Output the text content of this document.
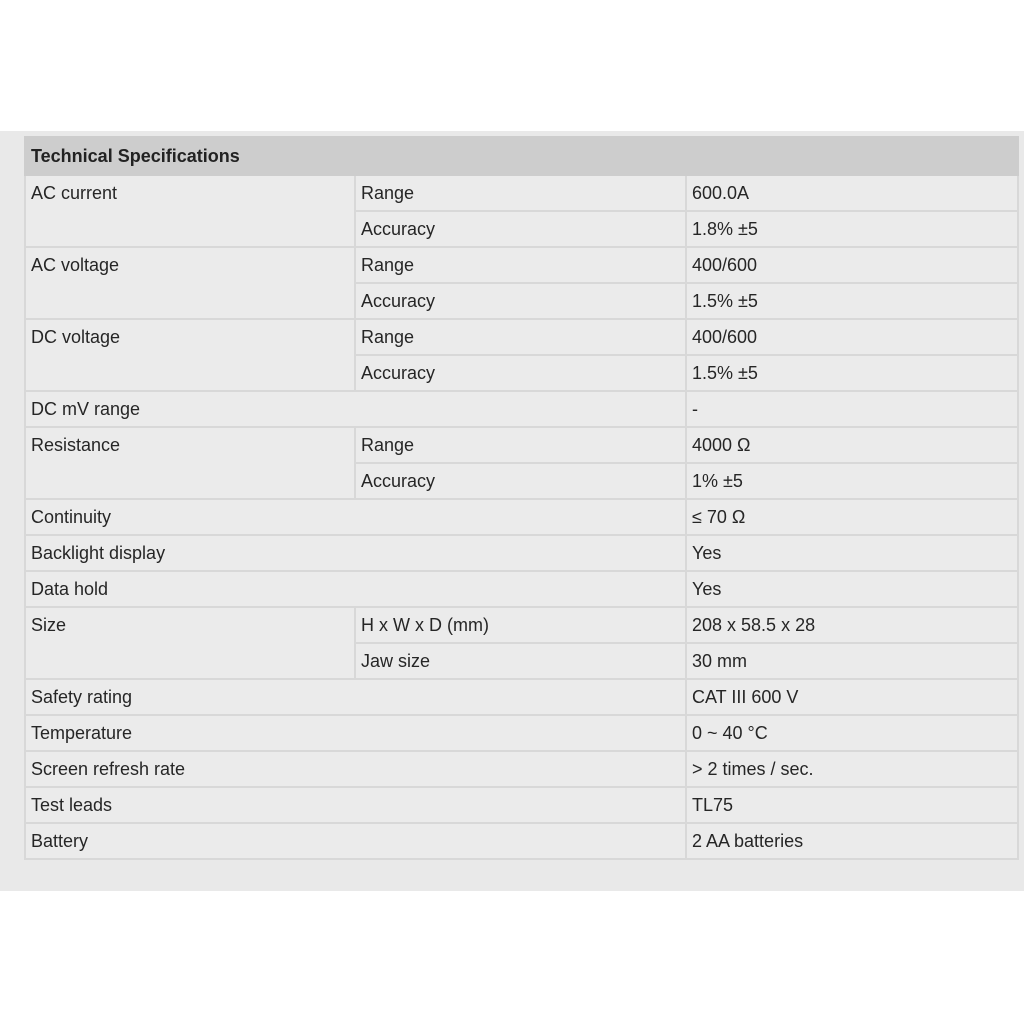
Technical Specifications		
AC current	Range	600.0A
	Accuracy	1.8% ±5
AC voltage	Range	400/600
	Accuracy	1.5% ±5
DC voltage	Range	400/600
	Accuracy	1.5% ±5
DC mV range		-
Resistance	Range	4000 Ω
	Accuracy	1% ±5
Continuity		≤ 70 Ω
Backlight display		Yes
Data hold		Yes
Size	H x W x D (mm)	208 x 58.5 x 28
	Jaw size	30 mm
Safety rating		CAT III 600 V
Temperature		0 ~ 40 °C
Screen refresh rate		> 2 times / sec.
Test leads		TL75
Battery		2 AA batteries
